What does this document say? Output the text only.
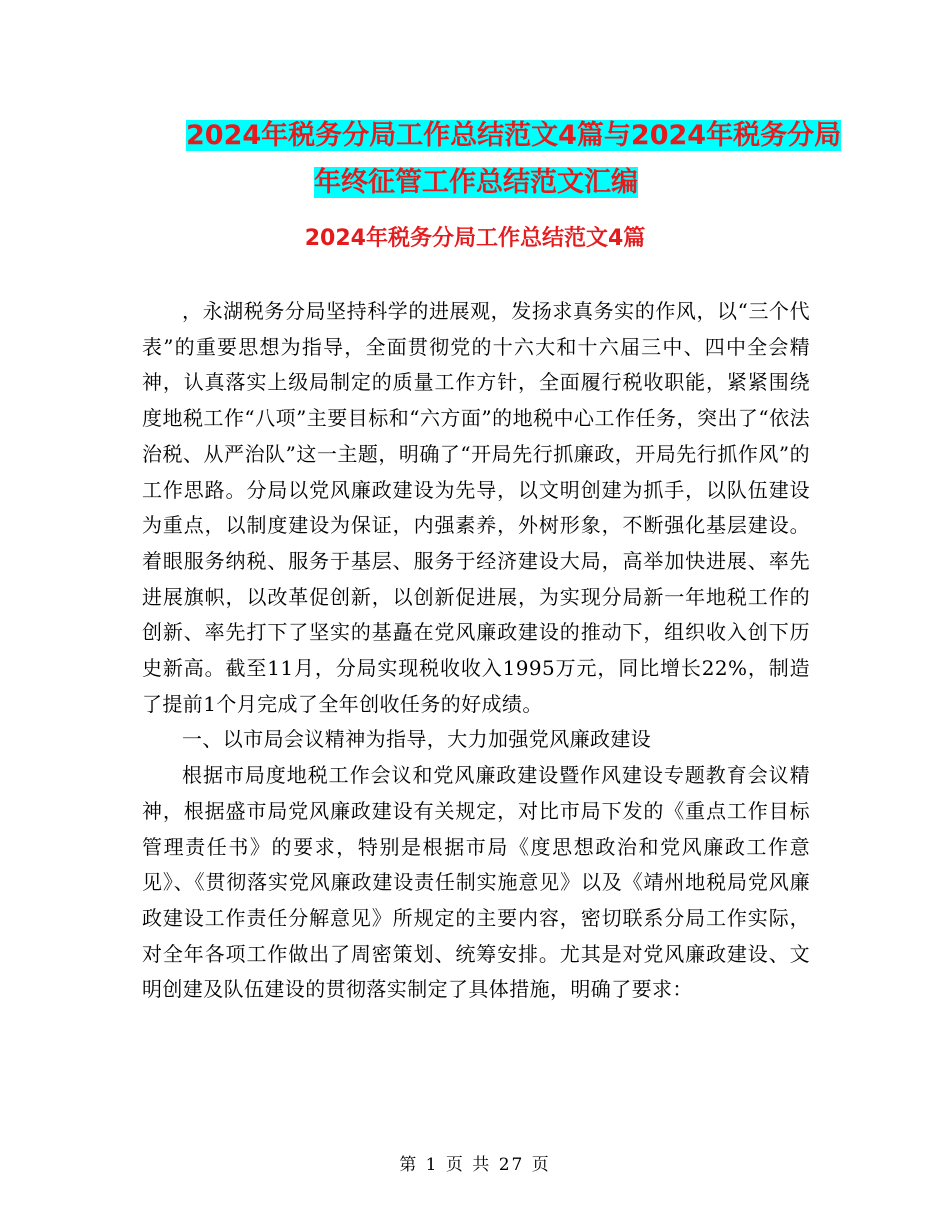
2024年税务分局工作总结范文4篇与2024年税务分局
年终征管工作总结范文汇编
2024年税务分局工作总结范文4篇

，永湖税务分局坚持科学的进展观，发扬求真务实的作风，以“三个代表”的重要思想为指导，全面贯彻党的十六大和十六届三中、四中全会精神，认真落实上级局制定的质量工作方针，全面履行税收职能，紧紧围绕度地税工作“八项”主要目标和“六方面”的地税中心工作任务，突出了“依法治税、从严治队”这一主题，明确了“开局先行抓廉政，开局先行抓作风”的工作思路。分局以党风廉政建设为先导，以文明创建为抓手，以队伍建设为重点，以制度建设为保证，内强素养，外树形象，不断强化基层建设。着眼服务纳税、服务于基层、服务于经济建设大局，高举加快进展、率先进展旗帜，以改革促创新，以创新促进展，为实现分局新一年地税工作的创新、率先打下了坚实的基矗在党风廉政建设的推动下，组织收入创下历史新高。截至11月，分局实现税收收入1995万元，同比增长22%，制造了提前1个月完成了全年创收任务的好成绩。

一、以市局会议精神为指导，大力加强党风廉政建设

根据市局度地税工作会议和党风廉政建设暨作风建设专题教育会议精神，根据盛市局党风廉政建设有关规定，对比市局下发的《重点工作目标管理责任书》的要求，特别是根据市局《度思想政治和党风廉政工作意见》、《贯彻落实党风廉政建设责任制实施意见》以及《靖州地税局党风廉政建设工作责任分解意见》所规定的主要内容，密切联系分局工作实际，对全年各项工作做出了周密策划、统筹安排。尤其是对党风廉政建设、文明创建及队伍建设的贯彻落实制定了具体措施，明确了要求：

第 1 页 共 27 页
